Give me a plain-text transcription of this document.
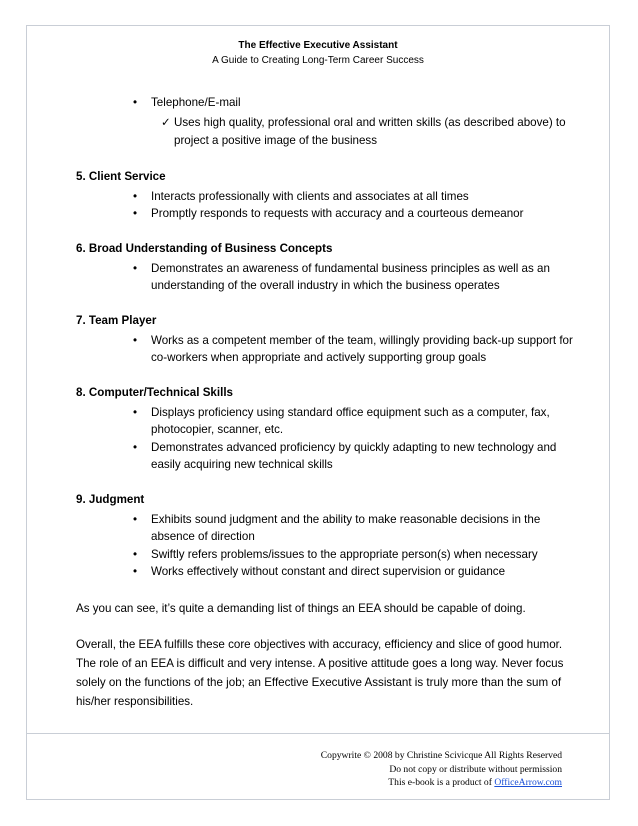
The Effective Executive Assistant
A Guide to Creating Long-Term Career Success
• Telephone/E-mail
✓ Uses high quality, professional oral and written skills (as described above) to project a positive image of the business
5. Client Service
• Interacts professionally with clients and associates at all times
• Promptly responds to requests with accuracy and a courteous demeanor
6. Broad Understanding of Business Concepts
• Demonstrates an awareness of fundamental business principles as well as an understanding of the overall industry in which the business operates
7. Team Player
• Works as a competent member of the team, willingly providing back-up support for co-workers when appropriate and actively supporting group goals
8. Computer/Technical Skills
• Displays proficiency using standard office equipment such as a computer, fax, photocopier, scanner, etc.
• Demonstrates advanced proficiency by quickly adapting to new technology and easily acquiring new technical skills
9. Judgment
• Exhibits sound judgment and the ability to make reasonable decisions in the absence of direction
• Swiftly refers problems/issues to the appropriate person(s) when necessary
• Works effectively without constant and direct supervision or guidance
As you can see, it’s quite a demanding list of things an EEA should be capable of doing.
Overall, the EEA fulfills these core objectives with accuracy, efficiency and slice of good humor. The role of an EEA is difficult and very intense. A positive attitude goes a long way. Never focus solely on the functions of the job; an Effective Executive Assistant is truly more than the sum of his/her responsibilities.
Copywrite © 2008 by Christine Scivicque All Rights Reserved
Do not copy or distribute without permission
This e-book is a product of OfficeArrow.com
